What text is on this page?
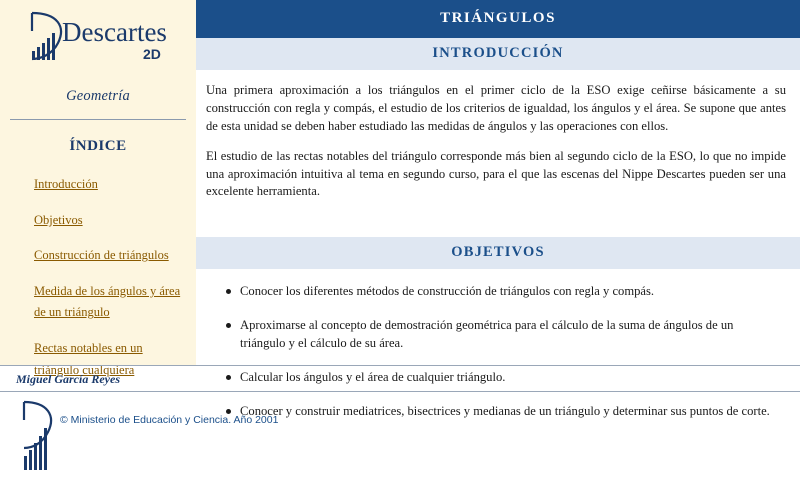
Descartes
2D
Geometría
ÍNDICE
Introducción
Objetivos
Construcción de triángulos
Medida de los ángulos y área de un triángulo
Rectas notables en un triángulo cualquiera
TRIÁNGULOS
INTRODUCCIÓN

Una primera aproximación a los triángulos en el primer ciclo de la ESO exige ceñirse básicamente a su construcción con regla y compás, el estudio de los criterios de igualdad, los ángulos y el área. Se supone que antes de esta unidad se deben haber estudiado las medidas de ángulos y las operaciones con ellos.

El estudio de las rectas notables del triángulo corresponde más bien al segundo ciclo de la ESO, lo que no impide una aproximación intuitiva al tema en segundo curso, para el que las escenas del Nippe Descartes pueden ser una excelente herramienta.

OBJETIVOS
Conocer los diferentes métodos de construcción de triángulos con regla y compás.
Aproximarse al concepto de demostración geométrica para el cálculo de la suma de ángulos de un triángulo y el cálculo de su área.
Calcular los ángulos y el área de cualquier triángulo.
Conocer y construir mediatrices, bisectrices y medianas de un triángulo y determinar sus puntos de corte.
Miguel García Reyes
© Ministerio de Educación y Ciencia. Año 2001
